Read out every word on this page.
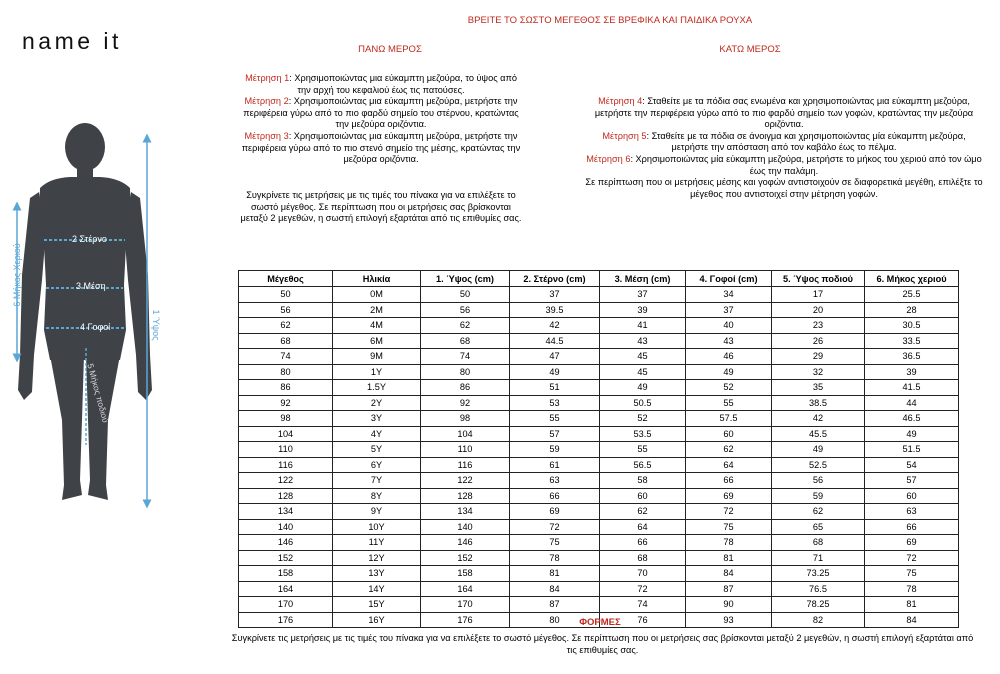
name it
ΒΡΕΙΤΕ ΤΟ ΣΩΣΤΟ ΜΕΓΕΘΟΣ ΣΕ ΒΡΕΦΙΚΑ ΚΑΙ ΠΑΙΔΙΚΑ ΡΟΥΧΑ
ΠΑΝΩ ΜΕΡΟΣ	ΚΑΤΩ ΜΕΡΟΣ
Μέτρηση 1: Χρησιμοποιώντας μια εύκαμπτη μεζούρα, το ύψος από την αρχή του κεφαλιού έως τις πατούσες.
Μέτρηση 2: Χρησιμοποιώντας μια εύκαμπτη μεζούρα, μετρήστε την περιφέρεια γύρω από το πιο φαρδύ σημείο του στέρνου, κρατώντας την μεζούρα οριζόντια.
Μέτρηση 3: Χρησιμοποιώντας μια εύκαμπτη μεζούρα, μετρήστε την περιφέρεια γύρω από το πιο στενό σημείο της μέσης, κρατώντας την μεζούρα οριζόντια.
Συγκρίνετε τις μετρήσεις με τις τιμές του πίνακα για να επιλέξετε το σωστό μέγεθος. Σε περίπτωση που οι μετρήσεις σας βρίσκονται μεταξύ 2 μεγεθών, η σωστή επιλογή εξαρτάται από τις επιθυμίες σας.
Μέτρηση 4: Σταθείτε με τα πόδια σας ενωμένα και χρησιμοποιώντας μια εύκαμπτη μεζούρα, μετρήστε την περιφέρεια γύρω από το πιο φαρδύ σημείο των γοφών, κρατώντας την μεζούρα οριζόντια.
Μέτρηση 5: Σταθείτε με τα πόδια σε άνοιγμα και χρησιμοποιώντας μία εύκαμπτη μεζούρα, μετρήστε την απόσταση από τον καβάλο έως το πέλμα.
Μέτρηση 6: Χρησιμοποιώντας μία εύκαμπτη μεζούρα, μετρήστε το μήκος του χεριού από τον ώμο έως την παλάμη.
Σε περίπτωση που οι μετρήσεις μέσης και γοφών αντιστοιχούν σε διαφορετικά μεγέθη, επιλέξτε το μέγεθος που αντιστοιχεί στην μέτρηση γοφών.
2 Στέρνο
3 Μέση
4 Γοφοί	1 Ύψος
6 Μήκος Χεριού
5 Μήκος ποδιού
Μέγεθος	Ηλικία	1. Ύψος (cm)	2. Στέρνο (cm)	3. Μέση (cm)	4. Γοφοί (cm)	5. Ύψος ποδιού	6. Μήκος χεριού
50	0M	50	37	37	34	17	25.5
56	2M	56	39.5	39	37	20	28
62	4M	62	42	41	40	23	30.5
68	6M	68	44.5	43	43	26	33.5
74	9M	74	47	45	46	29	36.5
80	1Y	80	49	45	49	32	39
86	1.5Y	86	51	49	52	35	41.5
92	2Y	92	53	50.5	55	38.5	44
98	3Y	98	55	52	57.5	42	46.5
104	4Y	104	57	53.5	60	45.5	49
110	5Y	110	59	55	62	49	51.5
116	6Y	116	61	56.5	64	52.5	54
122	7Y	122	63	58	66	56	57
128	8Y	128	66	60	69	59	60
134	9Y	134	69	62	72	62	63
140	10Y	140	72	64	75	65	66
146	11Y	146	75	66	78	68	69
152	12Y	152	78	68	81	71	72
158	13Y	158	81	70	84	73.25	75
164	14Y	164	84	72	87	76.5	78
170	15Y	170	87	74	90	78.25	81
176	16Y	176	80	76	93	82	84
ΦΟΡΜΕΣ
Συγκρίνετε τις μετρήσεις με τις τιμές του πίνακα για να επιλέξετε το σωστό μέγεθος. Σε περίπτωση που οι μετρήσεις σας βρίσκονται μεταξύ 2 μεγεθών, η σωστή επιλογή εξαρτάται από τις επιθυμίες σας.
